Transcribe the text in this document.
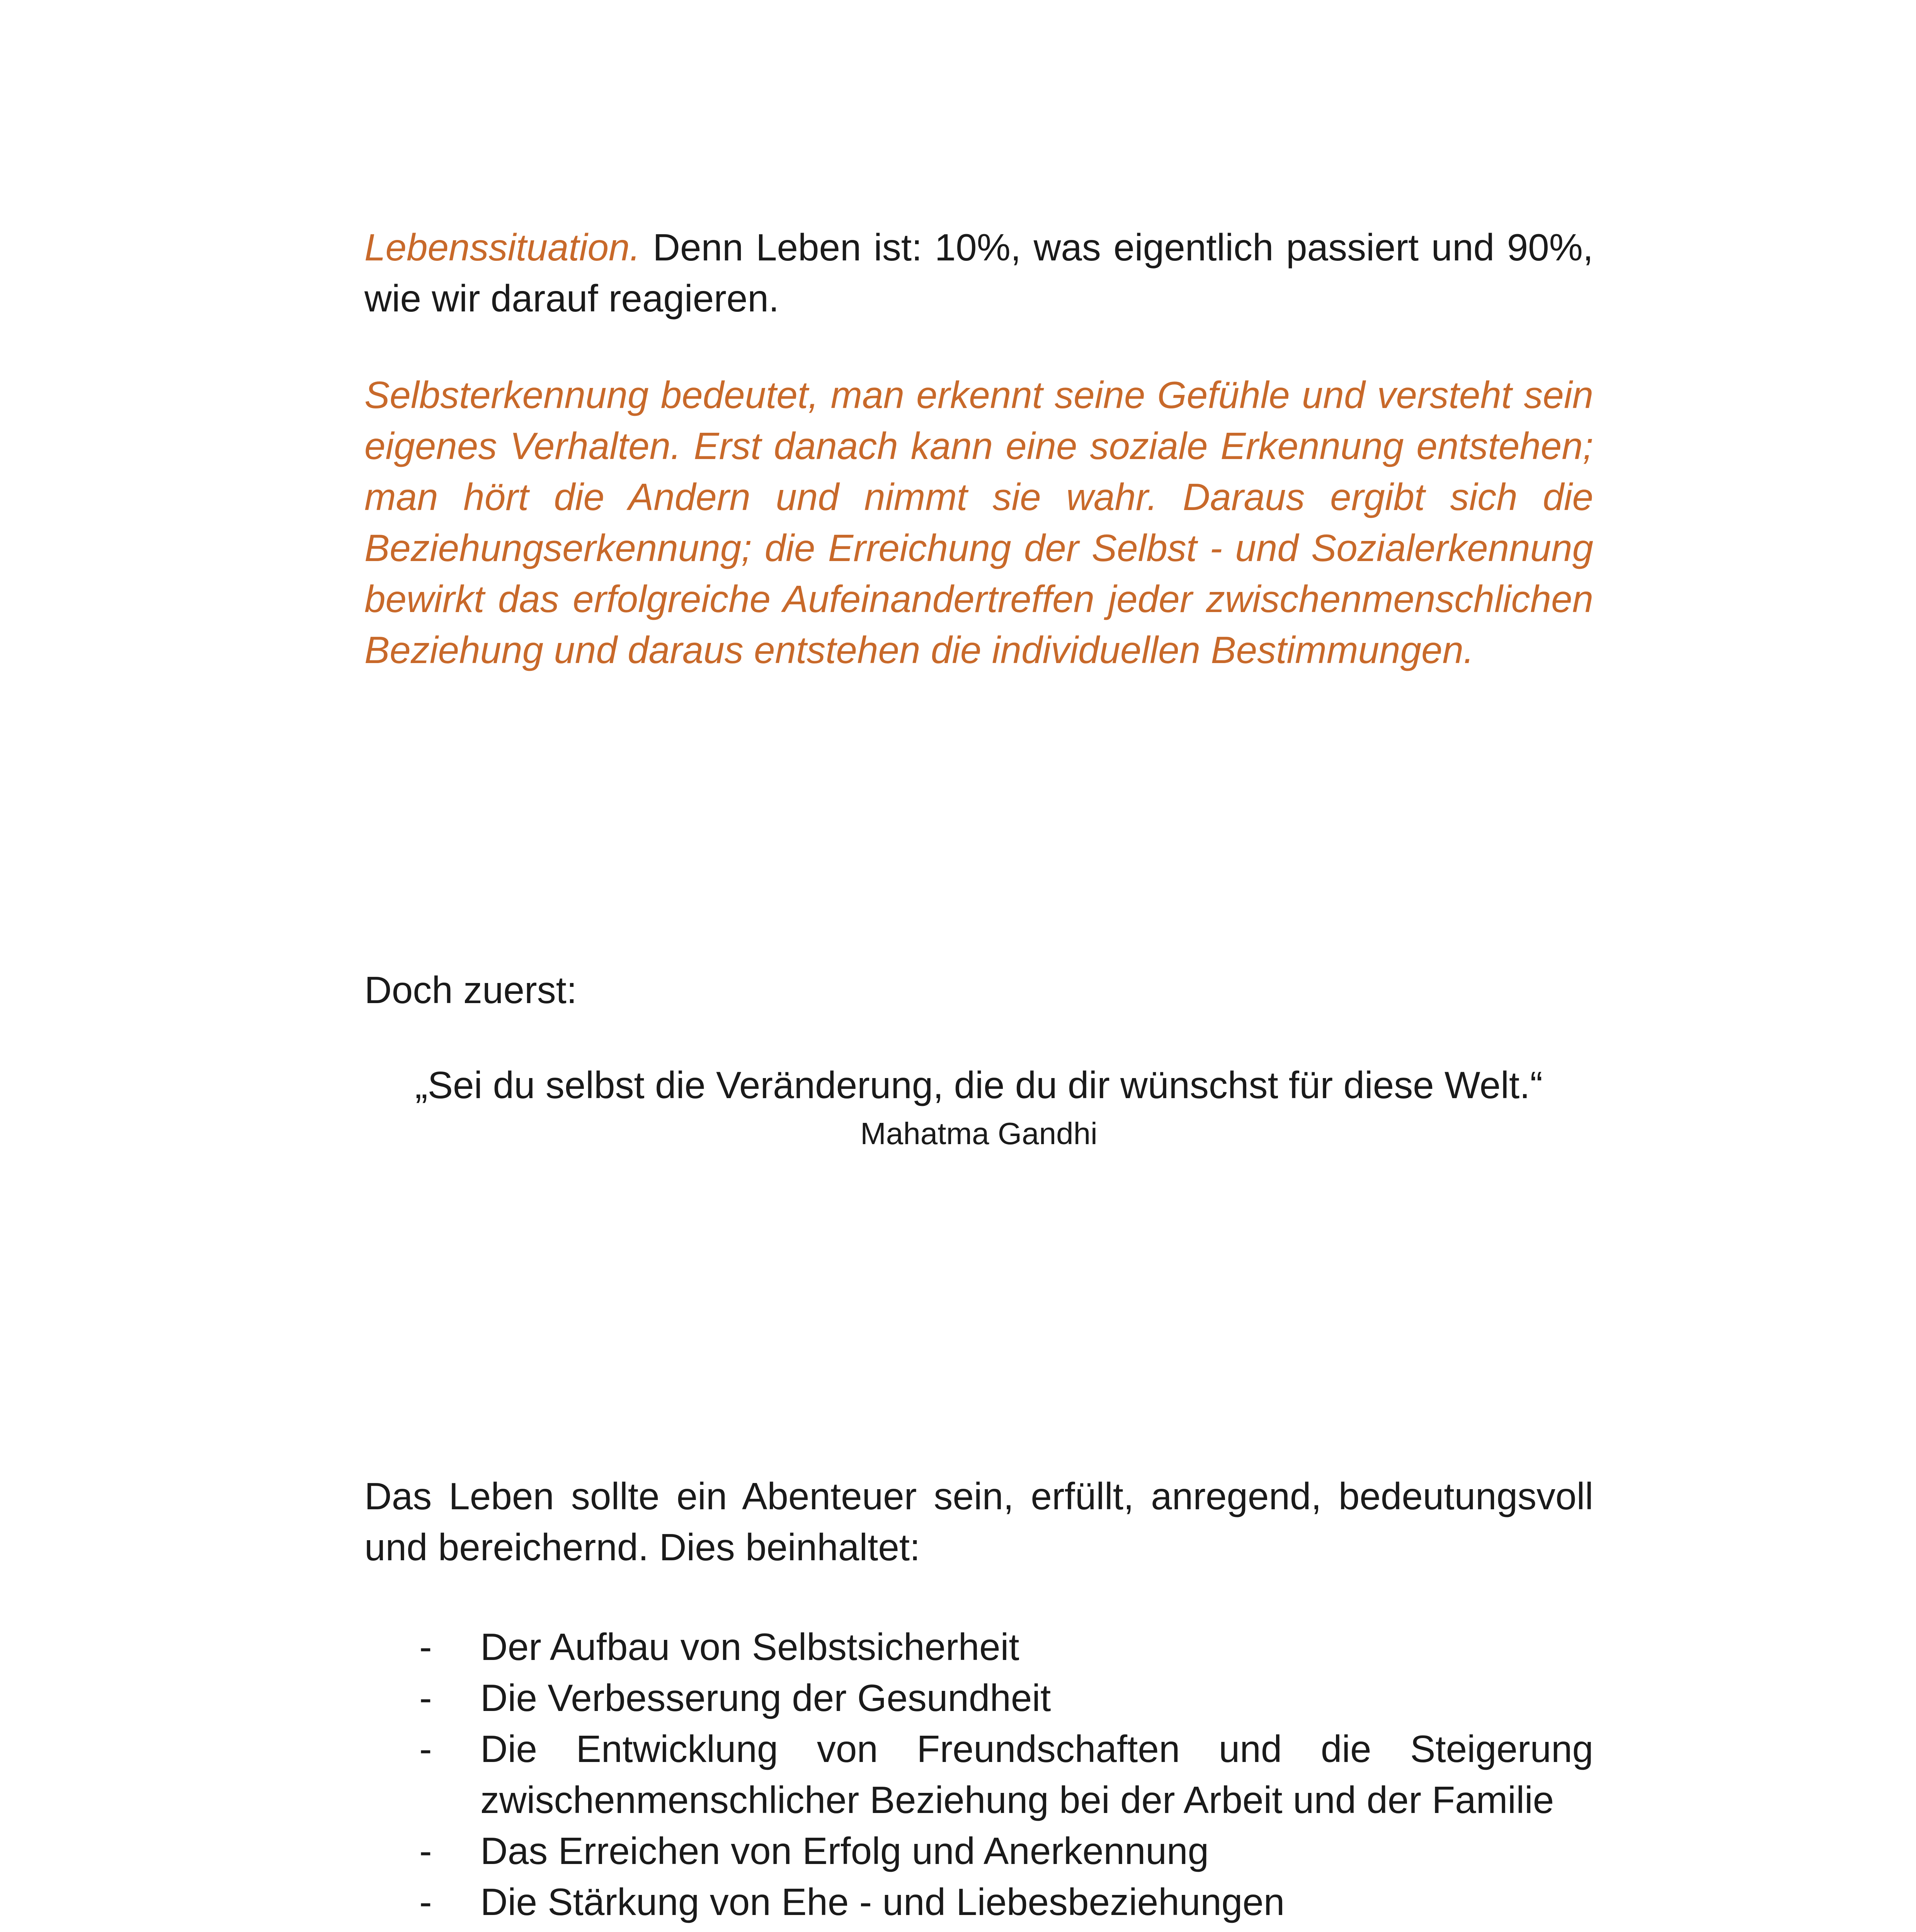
Lebenssituation. Denn Leben ist: 10%, was eigentlich passiert und 90%, wie wir darauf reagieren.

Selbsterkennung bedeutet, man erkennt seine Gefühle und versteht sein eigenes Verhalten. Erst danach kann eine soziale Erkennung entstehen; man hört die Andern und nimmt sie wahr. Daraus ergibt sich die Beziehungserkennung; die Erreichung der Selbst - und Sozialerkennung bewirkt das erfolgreiche Aufeinandertreffen jeder zwischenmenschlichen Beziehung und daraus entstehen die individuellen Bestimmungen.

Doch zuerst:

„Sei du selbst die Veränderung, die du dir wünschst für diese Welt.“
Mahatma Gandhi

Das Leben sollte ein Abenteuer sein, erfüllt, anregend, bedeutungsvoll und bereichernd. Dies beinhaltet:

- Der Aufbau von Selbstsicherheit
- Die Verbesserung der Gesundheit
- Die Entwicklung von Freundschaften und die Steigerung zwischenmenschlicher Beziehung bei der Arbeit und der Familie
- Das Erreichen von Erfolg und Anerkennung
- Die Stärkung von Ehe - und Liebesbeziehungen
